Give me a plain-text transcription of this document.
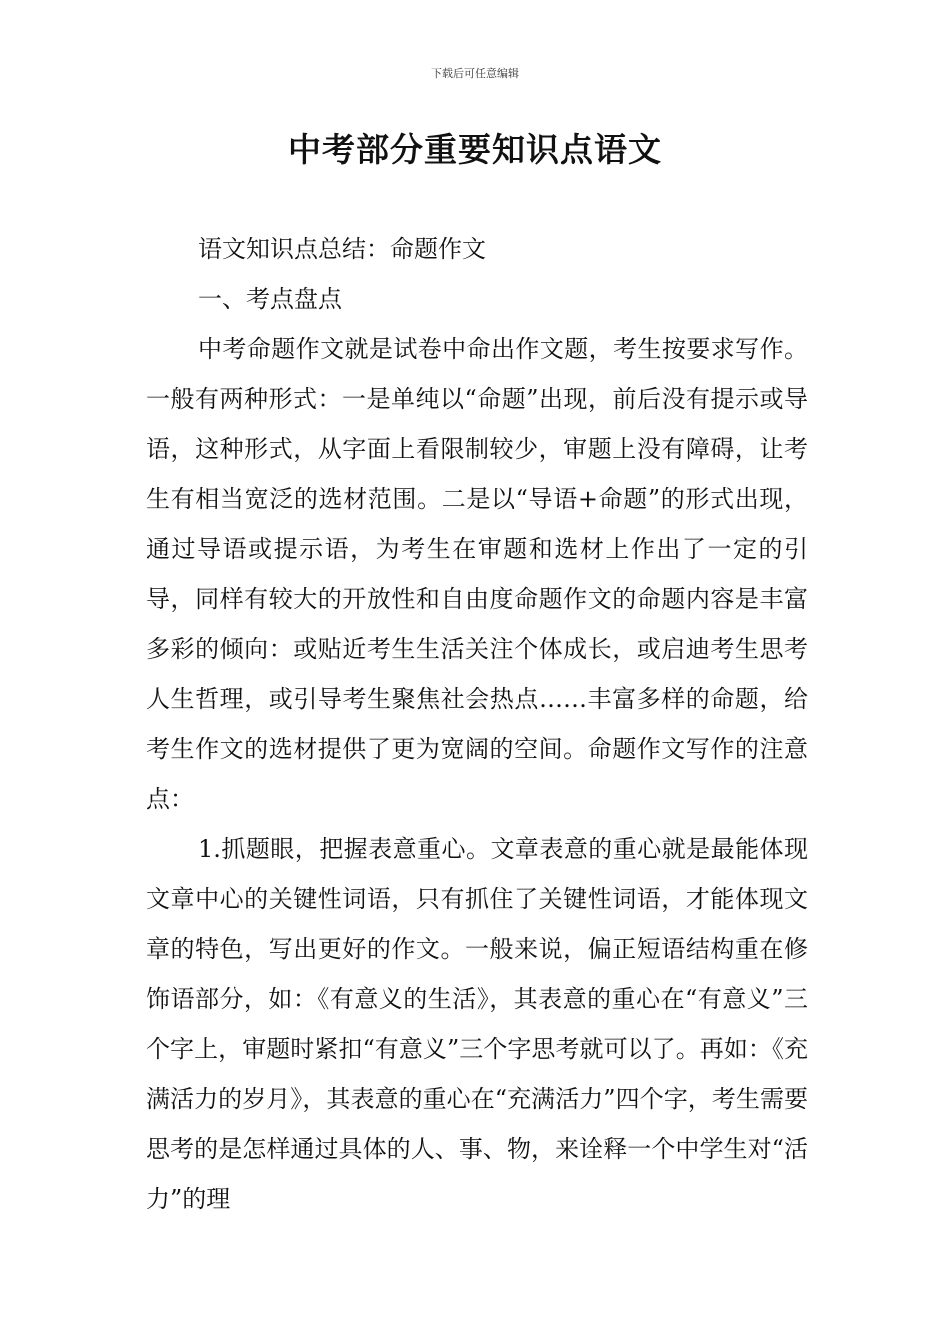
下载后可任意编辑
中考部分重要知识点语文

语文知识点总结：命题作文

一、考点盘点

中考命题作文就是试卷中命出作文题，考生按要求写作。一般有两种形式：一是单纯以“命题”出现，前后没有提示或导语，这种形式，从字面上看限制较少，审题上没有障碍，让考生有相当宽泛的选材范围。二是以“导语+命题”的形式出现，通过导语或提示语，为考生在审题和选材上作出了一定的引导，同样有较大的开放性和自由度命题作文的命题内容是丰富多彩的倾向：或贴近考生生活关注个体成长，或启迪考生思考人生哲理，或引导考生聚焦社会热点……丰富多样的命题，给考生作文的选材提供了更为宽阔的空间。命题作文写作的注意点：

1.抓题眼，把握表意重心。文章表意的重心就是最能体现文章中心的关键性词语，只有抓住了关键性词语，才能体现文章的特色，写出更好的作文。一般来说，偏正短语结构重在修饰语部分，如：《有意义的生活》，其表意的重心在“有意义”三个字上，审题时紧扣“有意义”三个字思考就可以了。再如：《充满活力的岁月》，其表意的重心在“充满活力”四个字，考生需要思考的是怎样通过具体的人、事、物，来诠释一个中学生对“活力”的理
